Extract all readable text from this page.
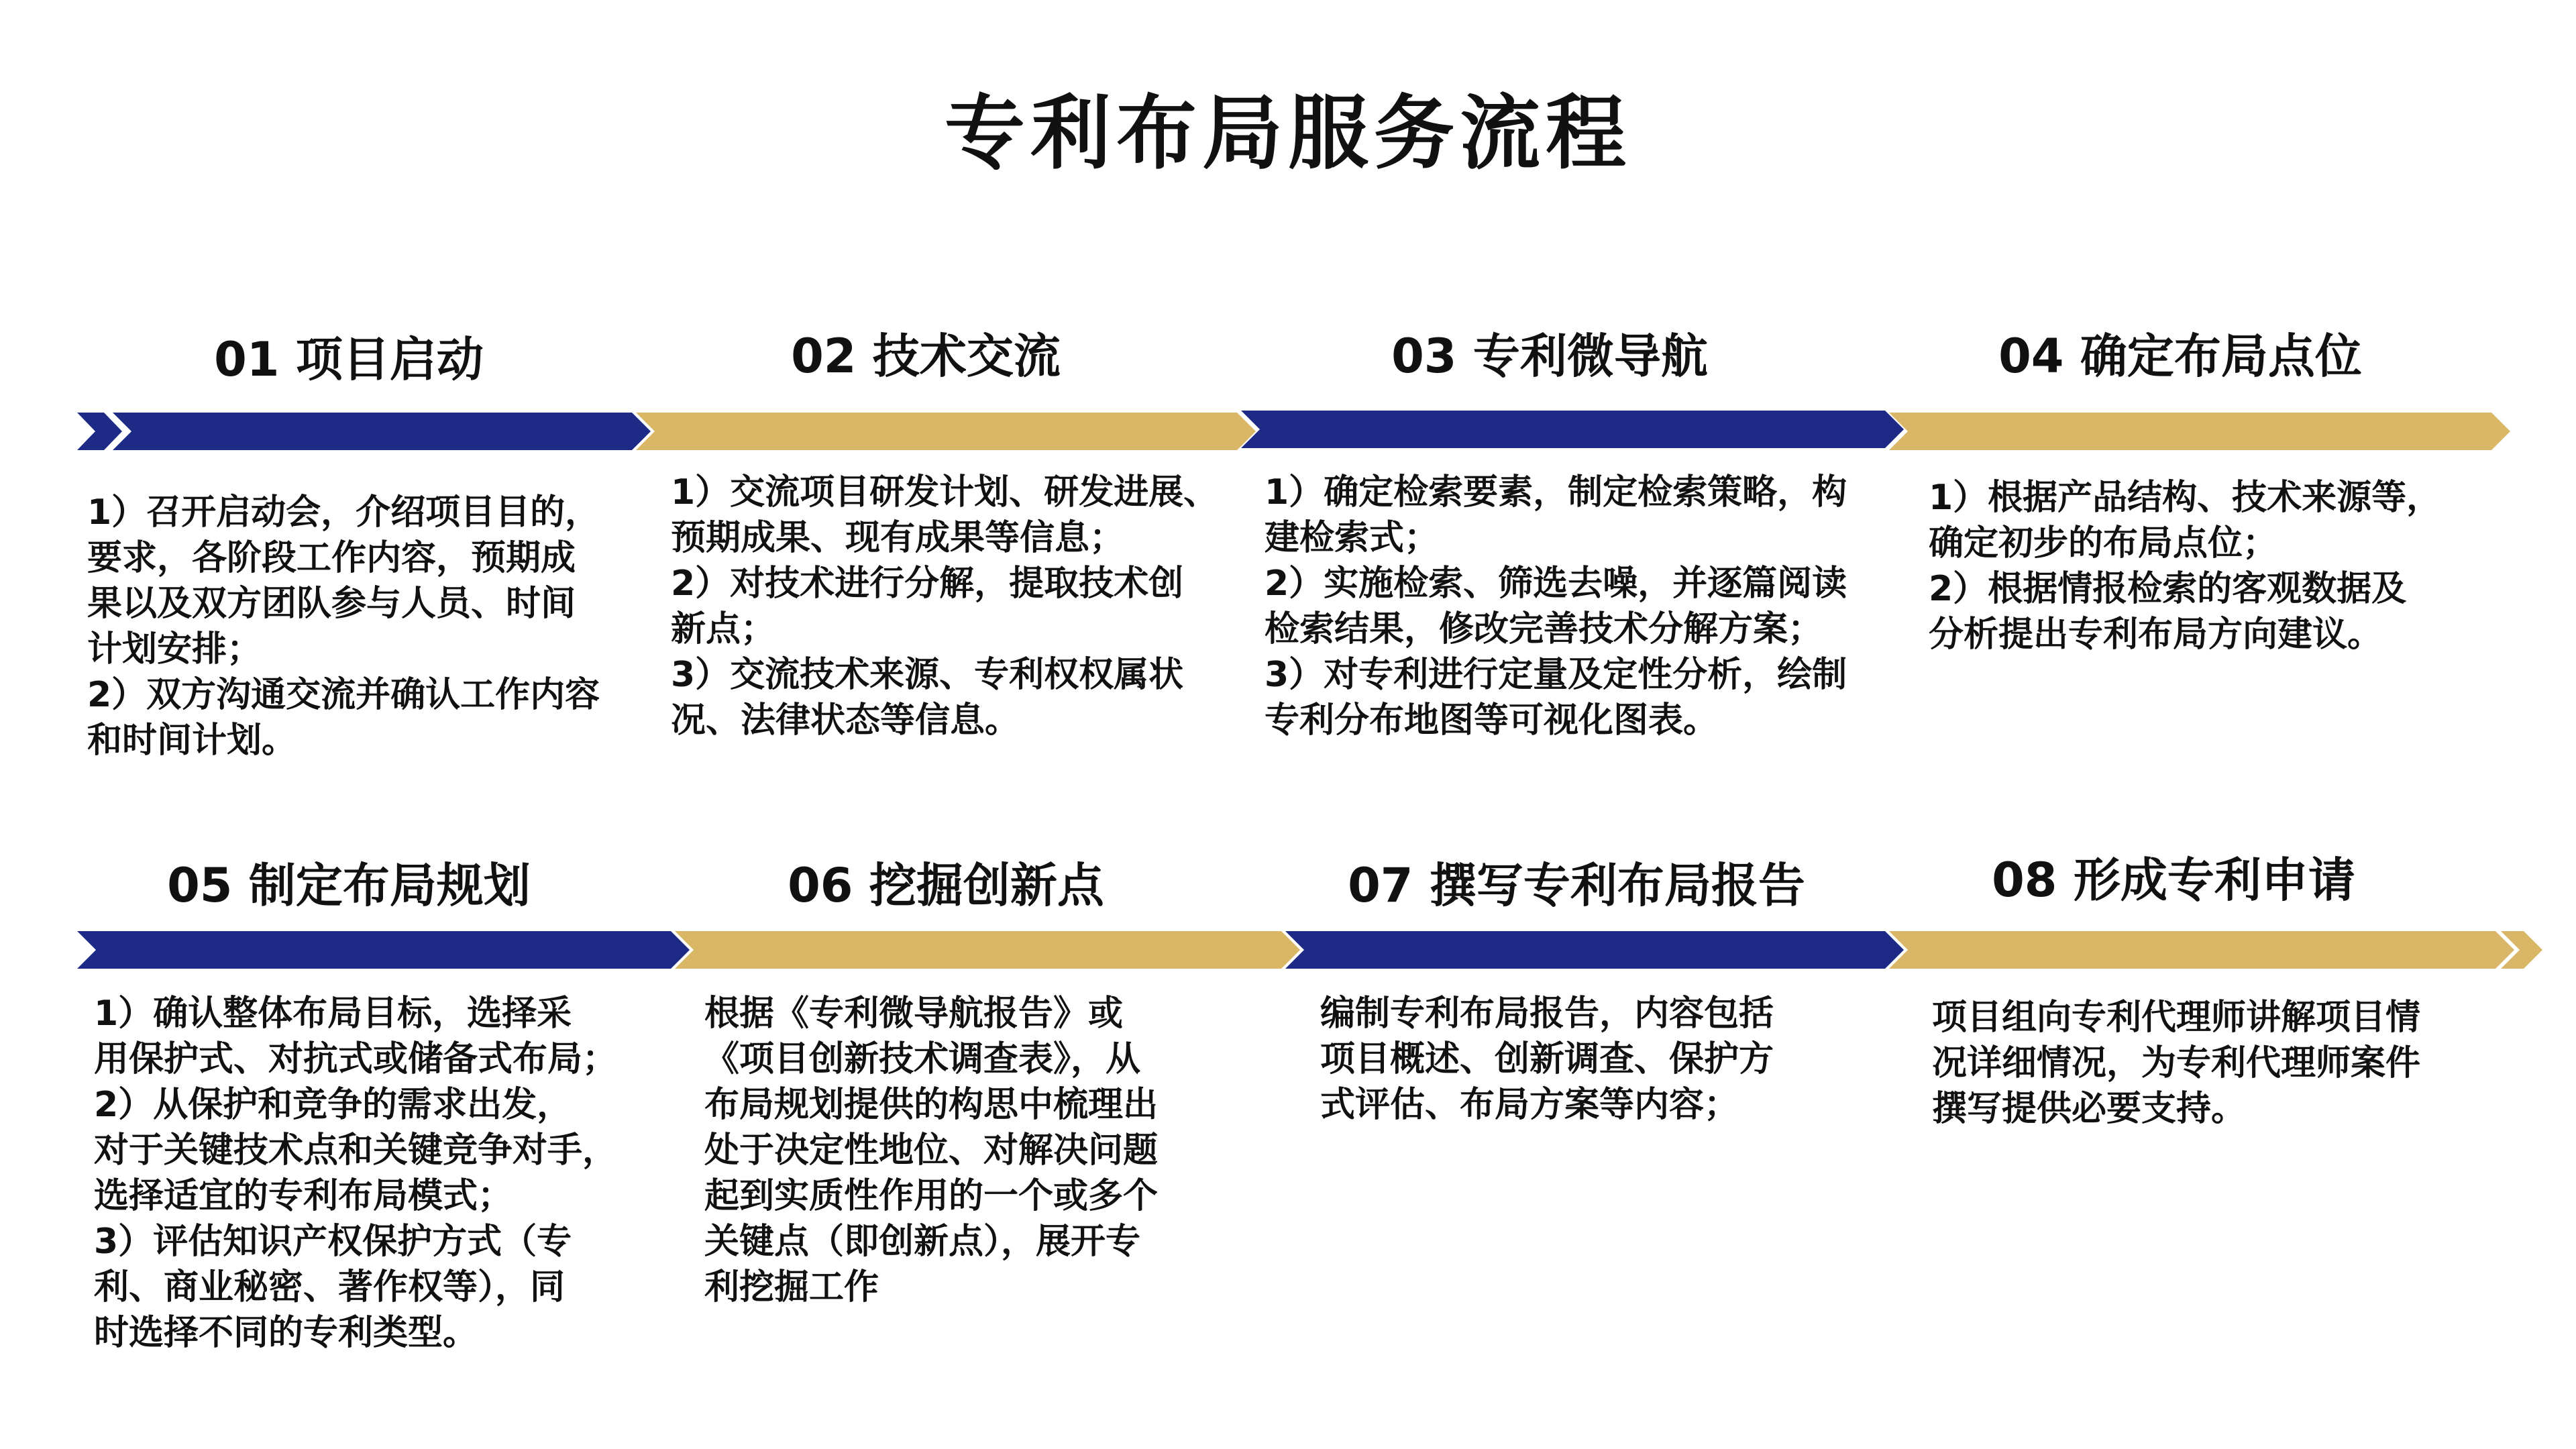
专利布局服务流程
01 项目启动	02 技术交流	03 专利微导航	04 确定布局点位
1）召开启动会，介绍项目目的，
要求，各阶段工作内容，预期成
果以及双方团队参与人员、时间
计划安排；
2）双方沟通交流并确认工作内容
和时间计划。
1）交流项目研发计划、研发进展、
预期成果、现有成果等信息；
2）对技术进行分解，提取技术创
新点；
3）交流技术来源、专利权权属状
况、法律状态等信息。
1）确定检索要素，制定检索策略，构
建检索式；
2）实施检索、筛选去噪，并逐篇阅读
检索结果，修改完善技术分解方案；
3）对专利进行定量及定性分析，绘制
专利分布地图等可视化图表。
1）根据产品结构、技术来源等，
确定初步的布局点位；
2）根据情报检索的客观数据及
分析提出专利布局方向建议。
05 制定布局规划	06 挖掘创新点	07 撰写专利布局报告	08 形成专利申请
1）确认整体布局目标，选择采
用保护式、对抗式或储备式布局；
2）从保护和竞争的需求出发，
对于关键技术点和关键竞争对手，
选择适宜的专利布局模式；
3）评估知识产权保护方式（专
利、商业秘密、著作权等），同
时选择不同的专利类型。
根据《专利微导航报告》或
《项目创新技术调查表》，从
布局规划提供的构思中梳理出
处于决定性地位、对解决问题
起到实质性作用的一个或多个
关键点（即创新点），展开专
利挖掘工作
编制专利布局报告，内容包括
项目概述、创新调查、保护方
式评估、布局方案等内容；
项目组向专利代理师讲解项目情
况详细情况，为专利代理师案件
撰写提供必要支持。
